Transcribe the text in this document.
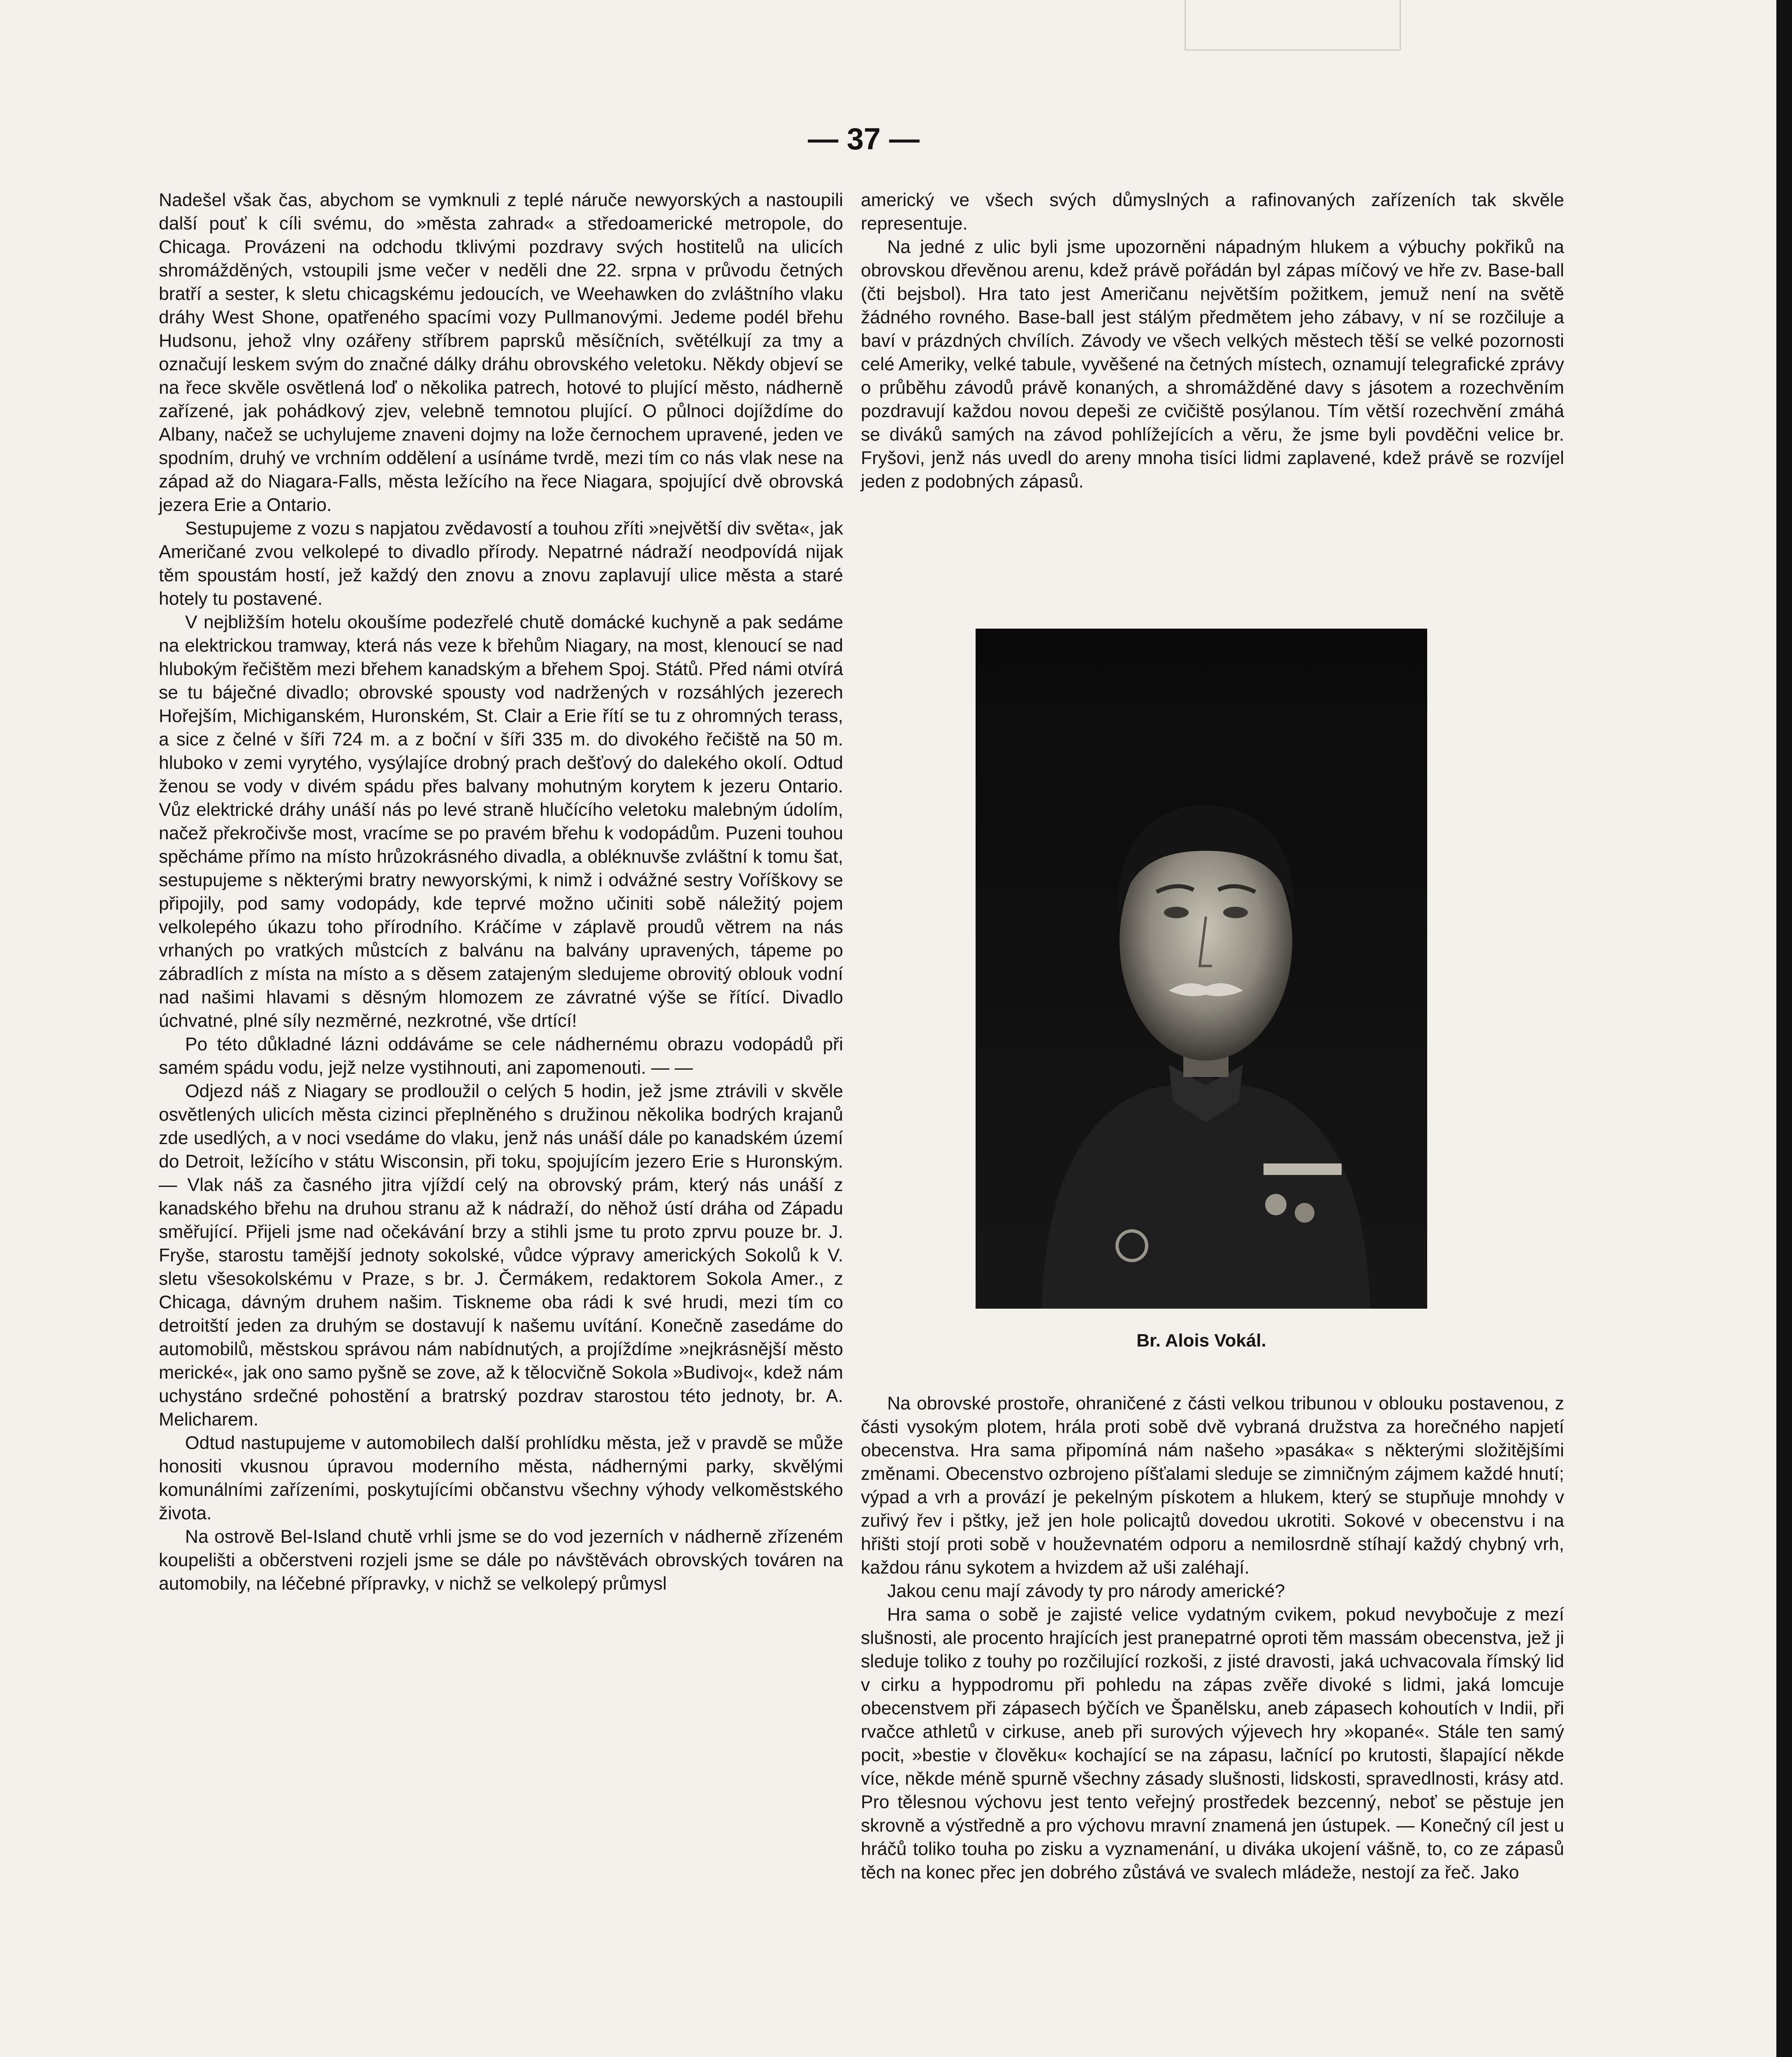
— 37 —

Nadešel však čas, abychom se vymknuli z teplé náruče newyorských a nastoupili další pouť k cíli svému, do »města zahrad« a středoamerické metropole, do Chicaga. Provázeni na odchodu tklivými pozdravy svých hostitelů na ulicích shromážděných, vstoupili jsme večer v neděli dne 22. srpna v průvodu četných bratří a sester, k sletu chicagskému jedoucích, ve Weehawken do zvláštního vlaku dráhy West Shone, opatřeného spacími vozy Pullmanovými. Jedeme podél břehu Hudsonu, jehož vlny ozářeny stříbrem paprsků měsíčních, světélkují za tmy a označují leskem svým do značné dálky dráhu obrovského veletoku. Někdy objeví se na řece skvěle osvětlená loď o několika patrech, hotové to plující město, nádherně zařízené, jak pohádkový zjev, velebně temnotou plující. O půlnoci dojíždíme do Albany, načež se uchylujeme znaveni dojmy na lože černochem upravené, jeden ve spodním, druhý ve vrchním oddělení a usínáme tvrdě, mezi tím co nás vlak nese na západ až do Niagara-Falls, města ležícího na řece Niagara, spojující dvě obrovská jezera Erie a Ontario.

Sestupujeme z vozu s napjatou zvědavostí a touhou zříti »největší div světa«, jak Američané zvou velkolepé to divadlo přírody. Nepatrné nádraží neodpovídá nijak těm spoustám hostí, jež každý den znovu a znovu zaplavují ulice města a staré hotely tu postavené.

V nejbližším hotelu okoušíme podezřelé chutě domácké kuchyně a pak sedáme na elektrickou tramway, která nás veze k břehům Niagary, na most, klenoucí se nad hlubokým řečištěm mezi břehem kanadským a břehem Spoj. Států. Před námi otvírá se tu báječné divadlo; obrovské spousty vod nadržených v rozsáhlých jezerech Hořejším, Michiganském, Huronském, St. Clair a Erie řítí se tu z ohromných terass, a sice z čelné v šíři 724 m. a z boční v šíři 335 m. do divokého řečiště na 50 m. hluboko v zemi vyrytého, vysýlajíce drobný prach dešťový do dalekého okolí. Odtud ženou se vody v divém spádu přes balvany mohutným korytem k jezeru Ontario. Vůz elektrické dráhy unáší nás po levé straně hlučícího veletoku malebným údolím, načež překročivše most, vracíme se po pravém břehu k vodopádům. Puzeni touhou spěcháme přímo na místo hrůzokrásného divadla, a obléknuvše zvláštní k tomu šat, sestupujeme s některými bratry newyorskými, k nimž i odvážné sestry Voříškovy se připojily, pod samy vodopády, kde teprvé možno učiniti sobě náležitý pojem velkolepého úkazu toho přírodního. Kráčíme v záplavě proudů větrem na nás vrhaných po vratkých můstcích z balvánu na balvány upravených, tápeme po zábradlích z místa na místo a s děsem zatajeným sledujeme obrovitý oblouk vodní nad našimi hlavami s děsným hlomozem ze závratné výše se řítící. Divadlo úchvatné, plné síly nezměrné, nezkrotné, vše drtící!

Po této důkladné lázni oddáváme se cele nádhernému obrazu vodopádů při samém spádu vodu, jejž nelze vystihnouti, ani zapomenouti. — —

Odjezd náš z Niagary se prodloužil o celých 5 hodin, jež jsme ztrávili v skvěle osvětlených ulicích města cizinci přeplněného s družinou několika bodrých krajanů zde usedlých, a v noci vsedáme do vlaku, jenž nás unáší dále po kanadském území do Detroit, ležícího v státu Wisconsin, při toku, spojujícím jezero Erie s Huronským. — Vlak náš za časného jitra vjíždí celý na obrovský prám, který nás unáší z kanadského břehu na druhou stranu až k nádraží, do něhož ústí dráha od Západu směřující. Přijeli jsme nad očekávání brzy a stihli jsme tu proto zprvu pouze br. J. Fryše, starostu tamější jednoty sokolské, vůdce výpravy amerických Sokolů k V. sletu všesokolskému v Praze, s br. J. Čermákem, redaktorem Sokola Amer., z Chicaga, dávným druhem našim. Tiskneme oba rádi k své hrudi, mezi tím co detroitští jeden za druhým se dostavují k našemu uvítání. Konečně zasedáme do automobilů, městskou správou nám nabídnutých, a projíždíme »nejkrásnější město merické«, jak ono samo pyšně se zove, až k tělocvičně Sokola »Budivoj«, kdež nám uchystáno srdečné pohostění a bratrský pozdrav starostou této jednoty, br. A. Melicharem.

Odtud nastupujeme v automobilech další prohlídku města, jež v pravdě se může honositi vkusnou úpravou moderního města, nádhernými parky, skvělými komunálními zařízeními, poskytujícími občanstvu všechny výhody velkoměstského života.

Na ostrově Bel-Island chutě vrhli jsme se do vod jezerních v nádherně zřízeném koupelišti a občerstveni rozjeli jsme se dále po návštěvách obrovských továren na automobily, na léčebné přípravky, v nichž se velkolepý průmysl

americký ve všech svých důmyslných a rafinovaných zařízeních tak skvěle representuje.

Na jedné z ulic byli jsme upozorněni nápadným hlukem a výbuchy pokřiků na obrovskou dřevěnou arenu, kdež právě pořádán byl zápas míčový ve hře zv. Base-ball (čti bejsbol). Hra tato jest Američanu největším požitkem, jemuž není na světě žádného rovného. Base-ball jest stálým předmětem jeho zábavy, v ní se rozčiluje a baví v prázdných chvílích. Závody ve všech velkých městech těší se velké pozornosti celé Ameriky, velké tabule, vyvěšené na četných místech, oznamují telegrafické zprávy o průběhu závodů právě konaných, a shromážděné davy s jásotem a rozechvěním pozdravují každou novou depeši ze cvičiště posýlanou. Tím větší rozechvění zmáhá se diváků samých na závod pohlížejících a věru, že jsme byli povděčni velice br. Fryšovi, jenž nás uvedl do areny mnoha tisíci lidmi zaplavené, kdež právě se rozvíjel jeden z podobných zápasů.

Br. Alois Vokál.

Na obrovské prostoře, ohraničené z části velkou tribunou v oblouku postavenou, z části vysokým plotem, hrála proti sobě dvě vybraná družstva za horečného napjetí obecenstva. Hra sama připomíná nám našeho »pasáka« s některými složitějšími změnami. Obecenstvo ozbrojeno píšťalami sleduje se zimničným zájmem každé hnutí; výpad a vrh a provází je pekelným pískotem a hlukem, který se stupňuje mnohdy v zuřivý řev i pštky, jež jen hole policajtů dovedou ukrotiti. Sokové v obecenstvu i na hřišti stojí proti sobě v houževnatém odporu a nemilosrdně stíhají každý chybný vrh, každou ránu sykotem a hvizdem až uši zaléhají.

Jakou cenu mají závody ty pro národy americké?

Hra sama o sobě je zajisté velice vydatným cvikem, pokud nevybočuje z mezí slušnosti, ale procento hrajících jest pranepatrné oproti těm massám obecenstva, jež ji sleduje toliko z touhy po rozčilující rozkoši, z jisté dravosti, jaká uchvacovala římský lid v cirku a hyppodromu při pohledu na zápas zvěře divoké s lidmi, jaká lomcuje obecenstvem při zápasech býčích ve Španělsku, aneb zápasech kohoutích v Indii, při rvačce athletů v cirkuse, aneb při surových výjevech hry »kopané«. Stále ten samý pocit, »bestie v člověku« kochající se na zápasu, lačnící po krutosti, šlapající někde více, někde méně spurně všechny zásady slušnosti, lidskosti, spravedlnosti, krásy atd. Pro tělesnou výchovu jest tento veřejný prostředek bezcenný, neboť se pěstuje jen skrovně a výstředně a pro výchovu mravní znamená jen ústupek. — Konečný cíl jest u hráčů toliko touha po zisku a vyznamenání, u diváka ukojení vášně, to, co ze zápasů těch na konec přec jen dobrého zůstává ve svalech mládeže, nestojí za řeč. Jako
